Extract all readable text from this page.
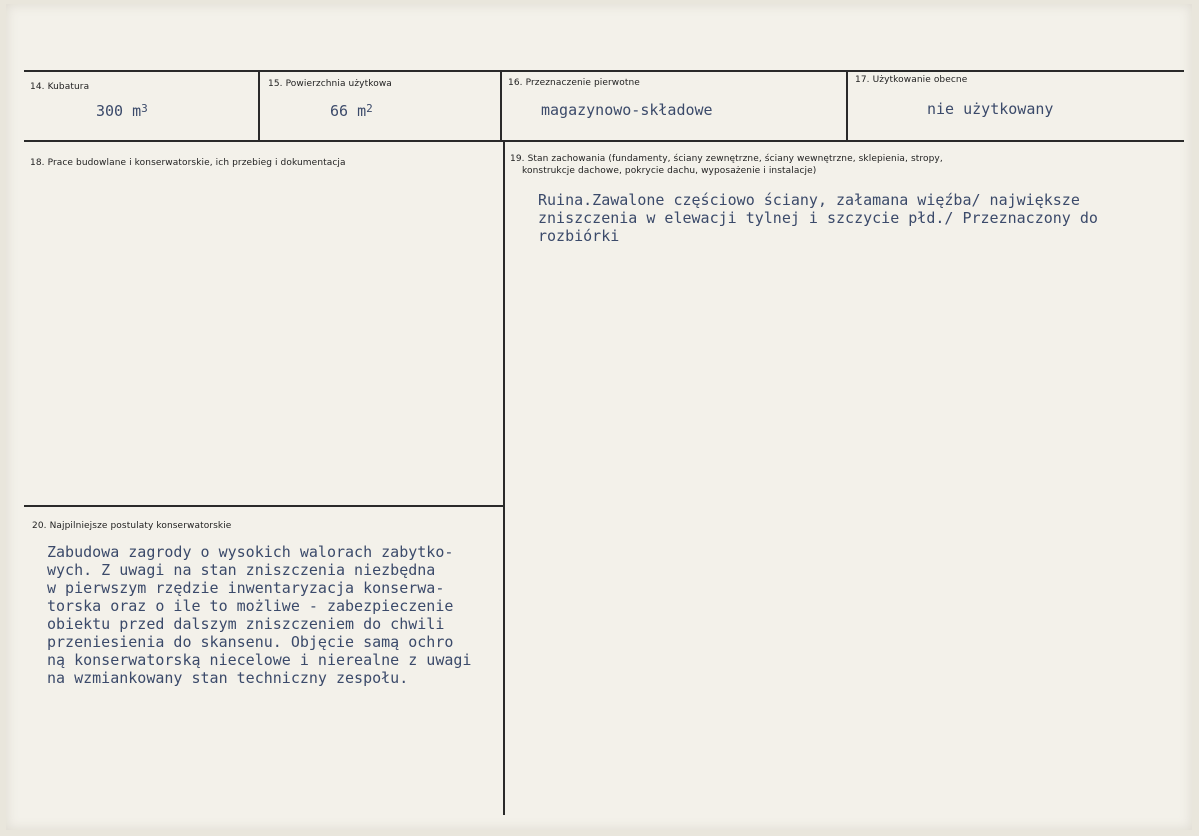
14. Kubatura
300 $m^3$
15. Powierzchnia użytkowa
66 $m^2$
16. Przeznaczenie pierwotne
magazynowo-składowe
17. Użytkowanie obecne
nie użytkowany
18. Prace budowlane i konserwatorskie, ich przebieg i dokumentacja	19. Stan zachowania (fundamenty, ściany zewnętrzne, ściany wewnętrzne, sklepienia, stropy,
konstrukcje dachowe, pokrycie dachu, wyposażenie i instalacje)
Ruina.Zawalone częściowo ściany, załamana więźba/ największe
zniszczenia w elewacji tylnej i szczycie płd./ Przeznaczony do
rozbiórki
20. Najpilniejsze postulaty konserwatorskie
Zabudowa zagrody o wysokich walorach zabytko-
wych. Z uwagi na stan zniszczenia niezbędna
w pierwszym rzędzie inwentaryzacja konserwa-
torska oraz o ile to możliwe - zabezpieczenie
obiektu przed dalszym zniszczeniem do chwili
przeniesienia do skansenu. Objęcie samą ochro
ną konserwatorską niecelowe i nierealne z uwagi
na wzmiankowany stan techniczny zespołu.
